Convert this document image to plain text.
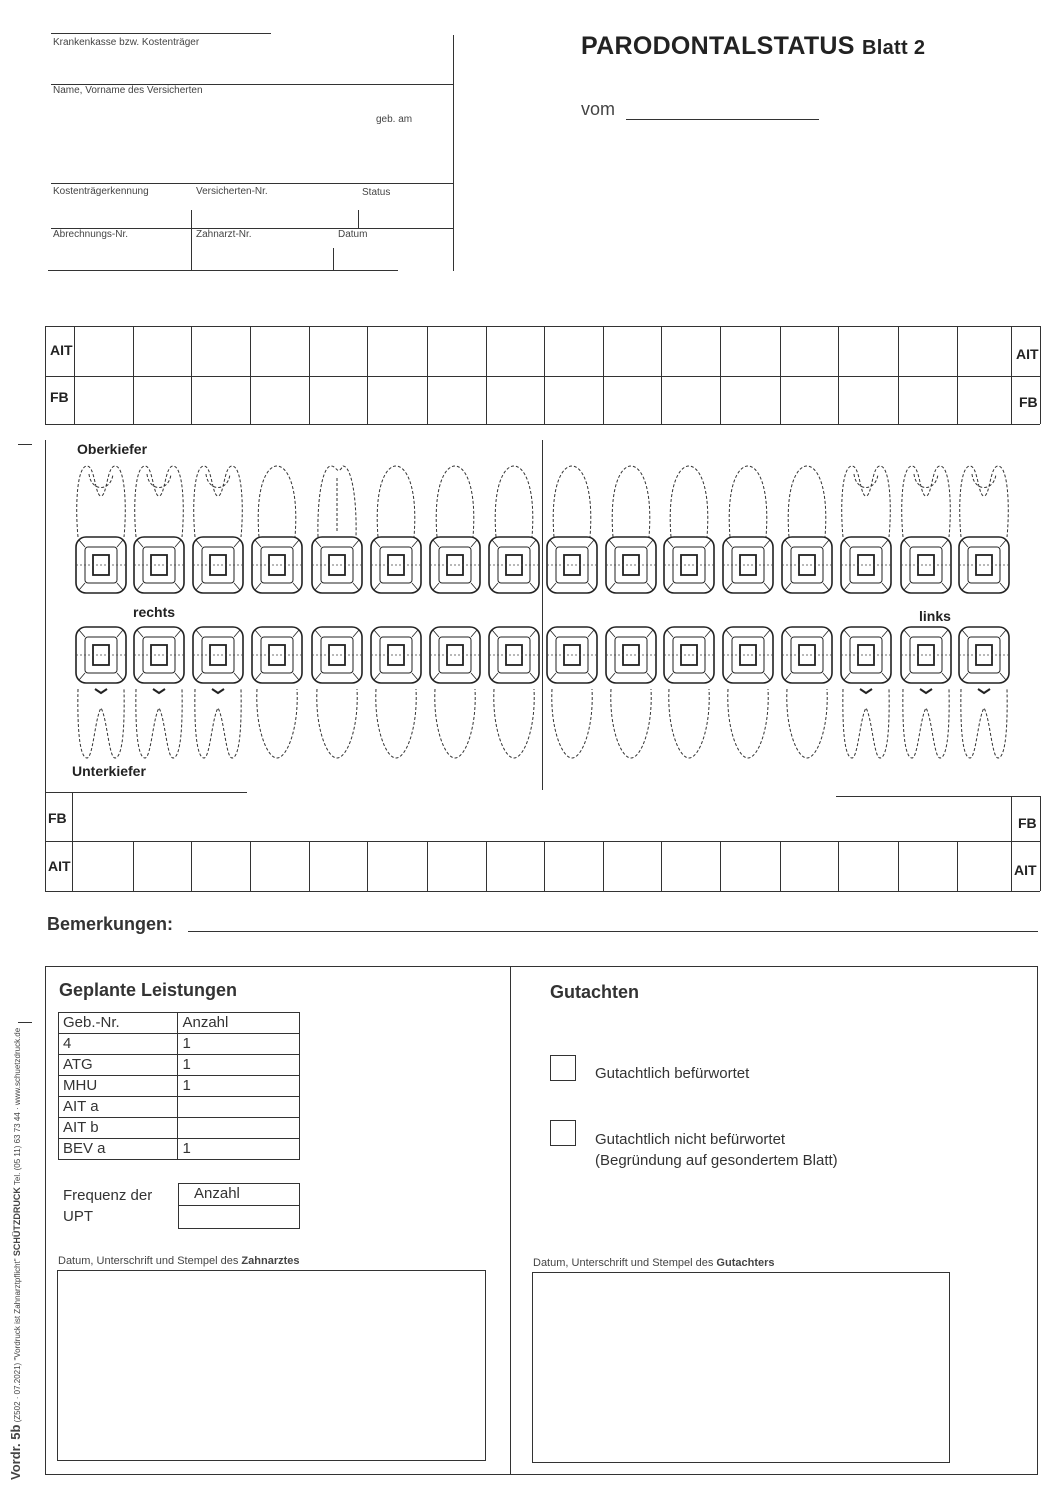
PARODONTALSTATUS Blatt 2
vom
Krankenkasse bzw. Kostenträger
Name, Vorname des Versicherten
geb. am
Kostenträgerkennung	Versicherten-Nr.	Status
Abrechnungs-Nr.	Zahnarzt-Nr.	Datum
AIT
FB
AIT
FB
Oberkiefer
Unterkiefer
rechts	links
FB
AIT
FB
AIT
Bemerkungen:
Geplante Leistungen
Geb.-Nr.	Anzahl
4	1
ATG	1
MHU	1
AIT a	
AIT b	
BEV a	1
Frequenz der
UPT
Anzahl
Datum, Unterschrift und Stempel des Zahnarztes
Gutachten
Gutachtlich befürwortet
Gutachtlich nicht befürwortet
(Begründung auf gesondertem Blatt)
Datum, Unterschrift und Stempel des Gutachters
Vordr. 5b (Z502 · 07.2021) "Vordruck ist Zahnarztpflicht" SCHÜTZDRUCK Tel. (05 11) 63 73 44 · www.schuetzdruck.de
